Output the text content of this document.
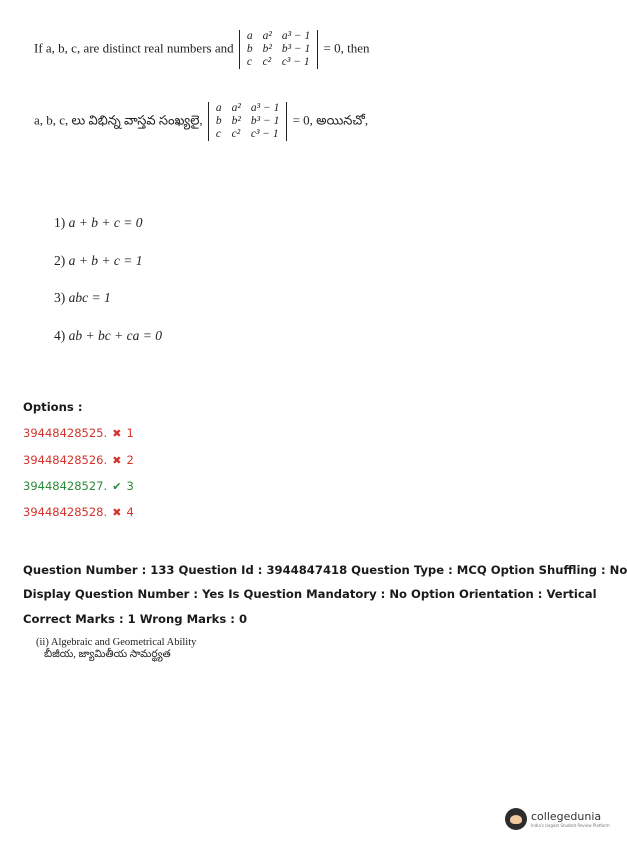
If a, b, c, are distinct real numbers and
a	a²	a³ − 1
b	b²	b³ − 1
c	c²	c³ − 1
= 0, then
a, b, c, లు విభిన్న వాస్తవ సంఖ్యలై,
a	a²	a³ − 1
b	b²	b³ − 1
c	c²	c³ − 1
= 0, అయినచో,
1) a + b + c = 0
2) a + b + c = 1
3) abc = 1
4) ab + bc + ca = 0
Options :
39448428525. ✖ 1
39448428526. ✖ 2
39448428527. ✔ 3
39448428528. ✖ 4
Question Number : 133 Question Id : 3944847418 Question Type : MCQ Option Shuffling : No
Display Question Number : Yes Is Question Mandatory : No Option Orientation : Vertical
Correct Marks : 1 Wrong Marks : 0
(ii) Algebraic and Geometrical Ability
బీజీయ, జ్యామితీయ సామర్థ్యత

collegedunia
India's largest Student Review Platform
